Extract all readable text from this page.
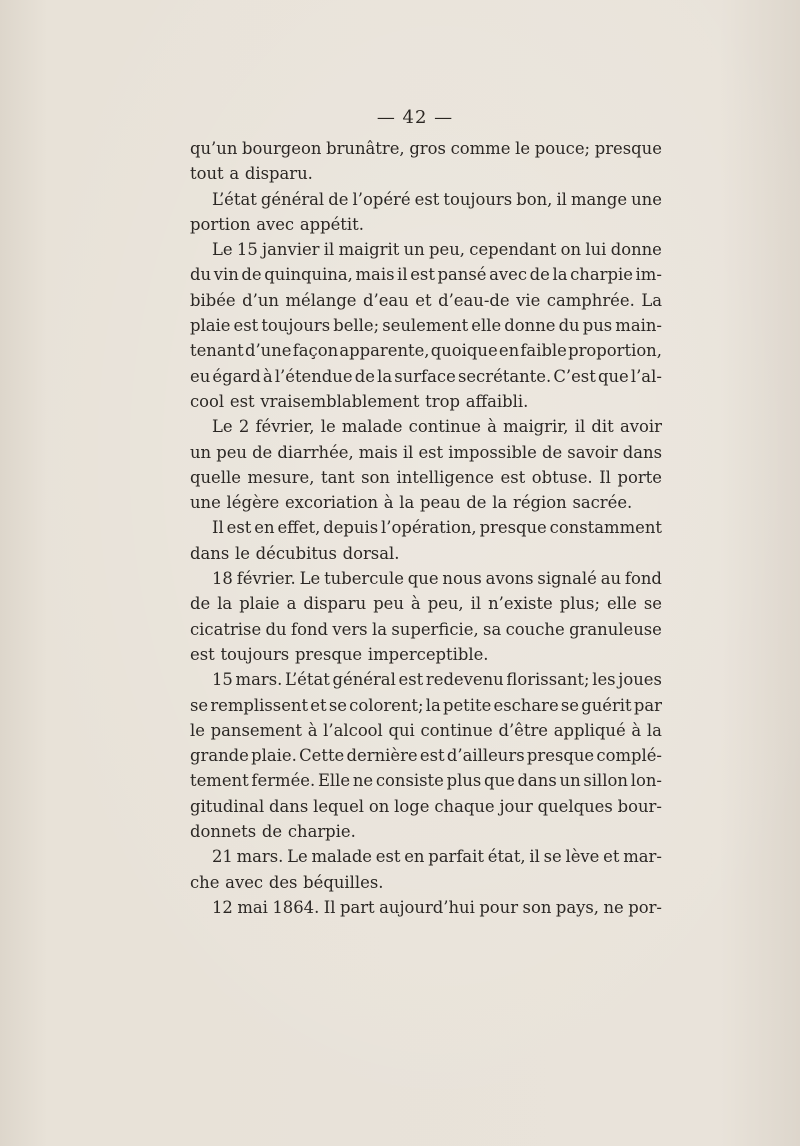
— 42 —
qu’un bourgeon brunâtre, gros comme le pouce; presque
tout a disparu.
L’état général de l’opéré est toujours bon, il mange une
portion avec appétit.
Le 15 janvier il maigrit un peu, cependant on lui donne
du vin de quinquina, mais il est pansé avec de la charpie im-
bibée d’un mélange d’eau et d’eau-de vie camphrée. La
plaie est toujours belle; seulement elle donne du pus main-
tenant d’une façon apparente, quoique en faible proportion,
eu égard à l’étendue de la surface secrétante. C’est que l’al-
cool est vraisemblablement trop affaibli.
Le 2 février, le malade continue à maigrir, il dit avoir
un peu de diarrhée, mais il est impossible de savoir dans
quelle mesure, tant son intelligence est obtuse. Il porte
une légère excoriation à la peau de la région sacrée.
Il est en effet, depuis l’opération, presque constamment
dans le décubitus dorsal.
18 février. Le tubercule que nous avons signalé au fond
de la plaie a disparu peu à peu, il n’existe plus; elle se
cicatrise du fond vers la superficie, sa couche granuleuse
est toujours presque imperceptible.
15 mars. L’état général est redevenu florissant; les joues
se remplissent et se colorent; la petite eschare se guérit par
le pansement à l’alcool qui continue d’être appliqué à la
grande plaie. Cette dernière est d’ailleurs presque complé-
tement fermée. Elle ne consiste plus que dans un sillon lon-
gitudinal dans lequel on loge chaque jour quelques bour-
donnets de charpie.
21 mars. Le malade est en parfait état, il se lève et mar-
che avec des béquilles.
12 mai 1864. Il part aujourd’hui pour son pays, ne por-
